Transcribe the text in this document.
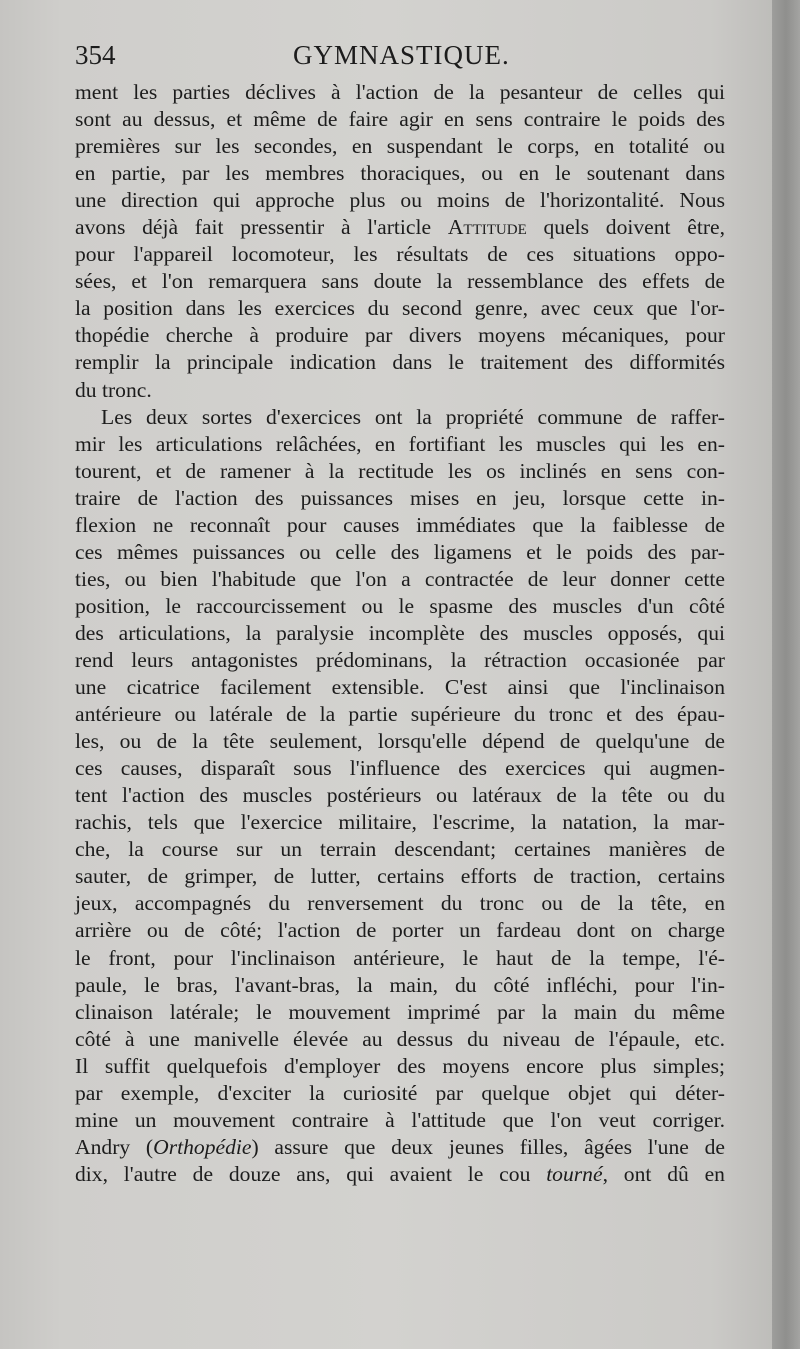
354	GYMNASTIQUE.
ment les parties déclives à l'action de la pesanteur de celles qui
sont au dessus, et même de faire agir en sens contraire le poids des
premières sur les secondes, en suspendant le corps, en totalité ou
en partie, par les membres thoraciques, ou en le soutenant dans
une direction qui approche plus ou moins de l'horizontalité. Nous
avons déjà fait pressentir à l'article Attitude quels doivent être,
pour l'appareil locomoteur, les résultats de ces situations oppo-
sées, et l'on remarquera sans doute la ressemblance des effets de
la position dans les exercices du second genre, avec ceux que l'or-
thopédie cherche à produire par divers moyens mécaniques, pour
remplir la principale indication dans le traitement des difformités
du tronc.
Les deux sortes d'exercices ont la propriété commune de raffer-
mir les articulations relâchées, en fortifiant les muscles qui les en-
tourent, et de ramener à la rectitude les os inclinés en sens con-
traire de l'action des puissances mises en jeu, lorsque cette in-
flexion ne reconnaît pour causes immédiates que la faiblesse de
ces mêmes puissances ou celle des ligamens et le poids des par-
ties, ou bien l'habitude que l'on a contractée de leur donner cette
position, le raccourcissement ou le spasme des muscles d'un côté
des articulations, la paralysie incomplète des muscles opposés, qui
rend leurs antagonistes prédominans, la rétraction occasionée par
une cicatrice facilement extensible. C'est ainsi que l'inclinaison
antérieure ou latérale de la partie supérieure du tronc et des épau-
les, ou de la tête seulement, lorsqu'elle dépend de quelqu'une de
ces causes, disparaît sous l'influence des exercices qui augmen-
tent l'action des muscles postérieurs ou latéraux de la tête ou du
rachis, tels que l'exercice militaire, l'escrime, la natation, la mar-
che, la course sur un terrain descendant; certaines manières de
sauter, de grimper, de lutter, certains efforts de traction, certains
jeux, accompagnés du renversement du tronc ou de la tête, en
arrière ou de côté; l'action de porter un fardeau dont on charge
le front, pour l'inclinaison antérieure, le haut de la tempe, l'é-
paule, le bras, l'avant-bras, la main, du côté infléchi, pour l'in-
clinaison latérale; le mouvement imprimé par la main du même
côté à une manivelle élevée au dessus du niveau de l'épaule, etc.
Il suffit quelquefois d'employer des moyens encore plus simples;
par exemple, d'exciter la curiosité par quelque objet qui déter-
mine un mouvement contraire à l'attitude que l'on veut corriger.
Andry (Orthopédie) assure que deux jeunes filles, âgées l'une de
dix, l'autre de douze ans, qui avaient le cou tourné, ont dû en
